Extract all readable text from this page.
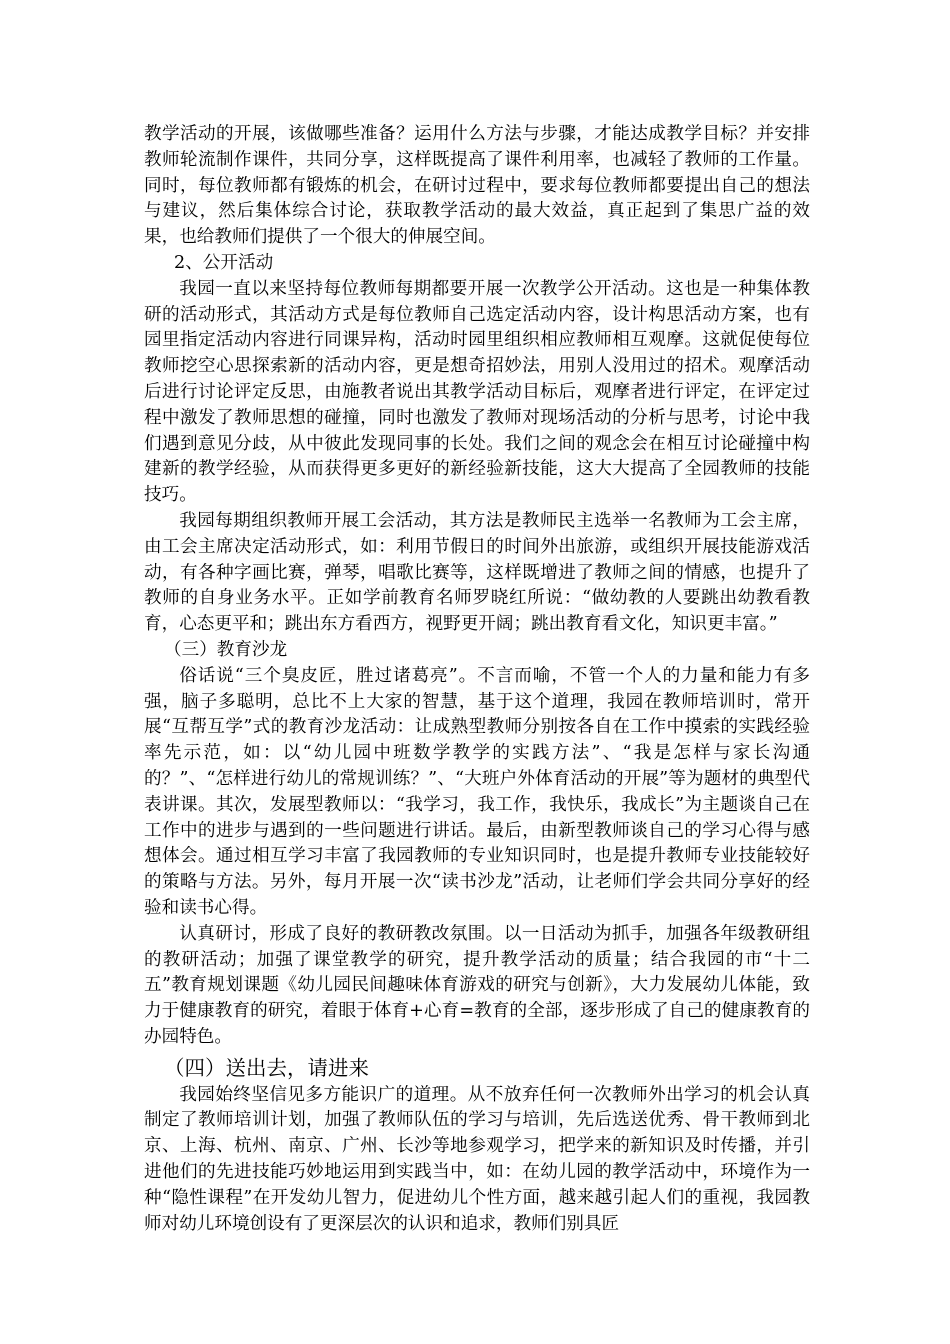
教学活动的开展，该做哪些准备？运用什么方法与步骤，才能达成教学目标？并安排教师轮流制作课件，共同分享，这样既提高了课件利用率，也减轻了教师的工作量。同时，每位教师都有锻炼的机会，在研讨过程中，要求每位教师都要提出自己的想法与建议，然后集体综合讨论，获取教学活动的最大效益，真正起到了集思广益的效果，也给教师们提供了一个很大的伸展空间。

2、公开活动

我园一直以来坚持每位教师每期都要开展一次教学公开活动。这也是一种集体教研的活动形式，其活动方式是每位教师自己选定活动内容，设计构思活动方案，也有园里指定活动内容进行同课异构，活动时园里组织相应教师相互观摩。这就促使每位教师挖空心思探索新的活动内容，更是想奇招妙法，用别人没用过的招术。观摩活动后进行讨论评定反思，由施教者说出其教学活动目标后，观摩者进行评定，在评定过程中激发了教师思想的碰撞，同时也激发了教师对现场活动的分析与思考，讨论中我们遇到意见分歧，从中彼此发现同事的长处。我们之间的观念会在相互讨论碰撞中构建新的教学经验，从而获得更多更好的新经验新技能，这大大提高了全园教师的技能技巧。

我园每期组织教师开展工会活动，其方法是教师民主选举一名教师为工会主席，由工会主席决定活动形式，如：利用节假日的时间外出旅游，或组织开展技能游戏活动，有各种字画比赛，弹琴，唱歌比赛等，这样既增进了教师之间的情感，也提升了教师的自身业务水平。正如学前教育名师罗晓红所说：“做幼教的人要跳出幼教看教育，心态更平和；跳出东方看西方，视野更开阔；跳出教育看文化，知识更丰富。”

（三）教育沙龙

俗话说“三个臭皮匠，胜过诸葛亮”。不言而喻，不管一个人的力量和能力有多强，脑子多聪明，总比不上大家的智慧，基于这个道理，我园在教师培训时，常开展“互帮互学”式的教育沙龙活动：让成熟型教师分别按各自在工作中摸索的实践经验率先示范，如：以“幼儿园中班数学教学的实践方法”、“我是怎样与家长沟通的？”、“怎样进行幼儿的常规训练？”、“大班户外体育活动的开展”等为题材的典型代表讲课。其次，发展型教师以：“我学习，我工作，我快乐，我成长”为主题谈自己在工作中的进步与遇到的一些问题进行讲话。最后，由新型教师谈自己的学习心得与感想体会。通过相互学习丰富了我园教师的专业知识同时，也是提升教师专业技能较好的策略与方法。另外，每月开展一次“读书沙龙”活动，让老师们学会共同分享好的经验和读书心得。

认真研讨，形成了良好的教研教改氛围。以一日活动为抓手，加强各年级教研组的教研活动；加强了课堂教学的研究，提升教学活动的质量；结合我园的市“十二五”教育规划课题《幼儿园民间趣味体育游戏的研究与创新》，大力发展幼儿体能，致力于健康教育的研究，着眼于体育+心育=教育的全部，逐步形成了自己的健康教育的办园特色。

（四）送出去，请进来

我园始终坚信见多方能识广的道理。从不放弃任何一次教师外出学习的机会认真制定了教师培训计划，加强了教师队伍的学习与培训，先后选送优秀、骨干教师到北京、上海、杭州、南京、广州、长沙等地参观学习，把学来的新知识及时传播，并引进他们的先进技能巧妙地运用到实践当中，如：在幼儿园的教学活动中，环境作为一种“隐性课程”在开发幼儿智力，促进幼儿个性方面，越来越引起人们的重视，我园教师对幼儿环境创设有了更深层次的认识和追求，教师们别具匠
